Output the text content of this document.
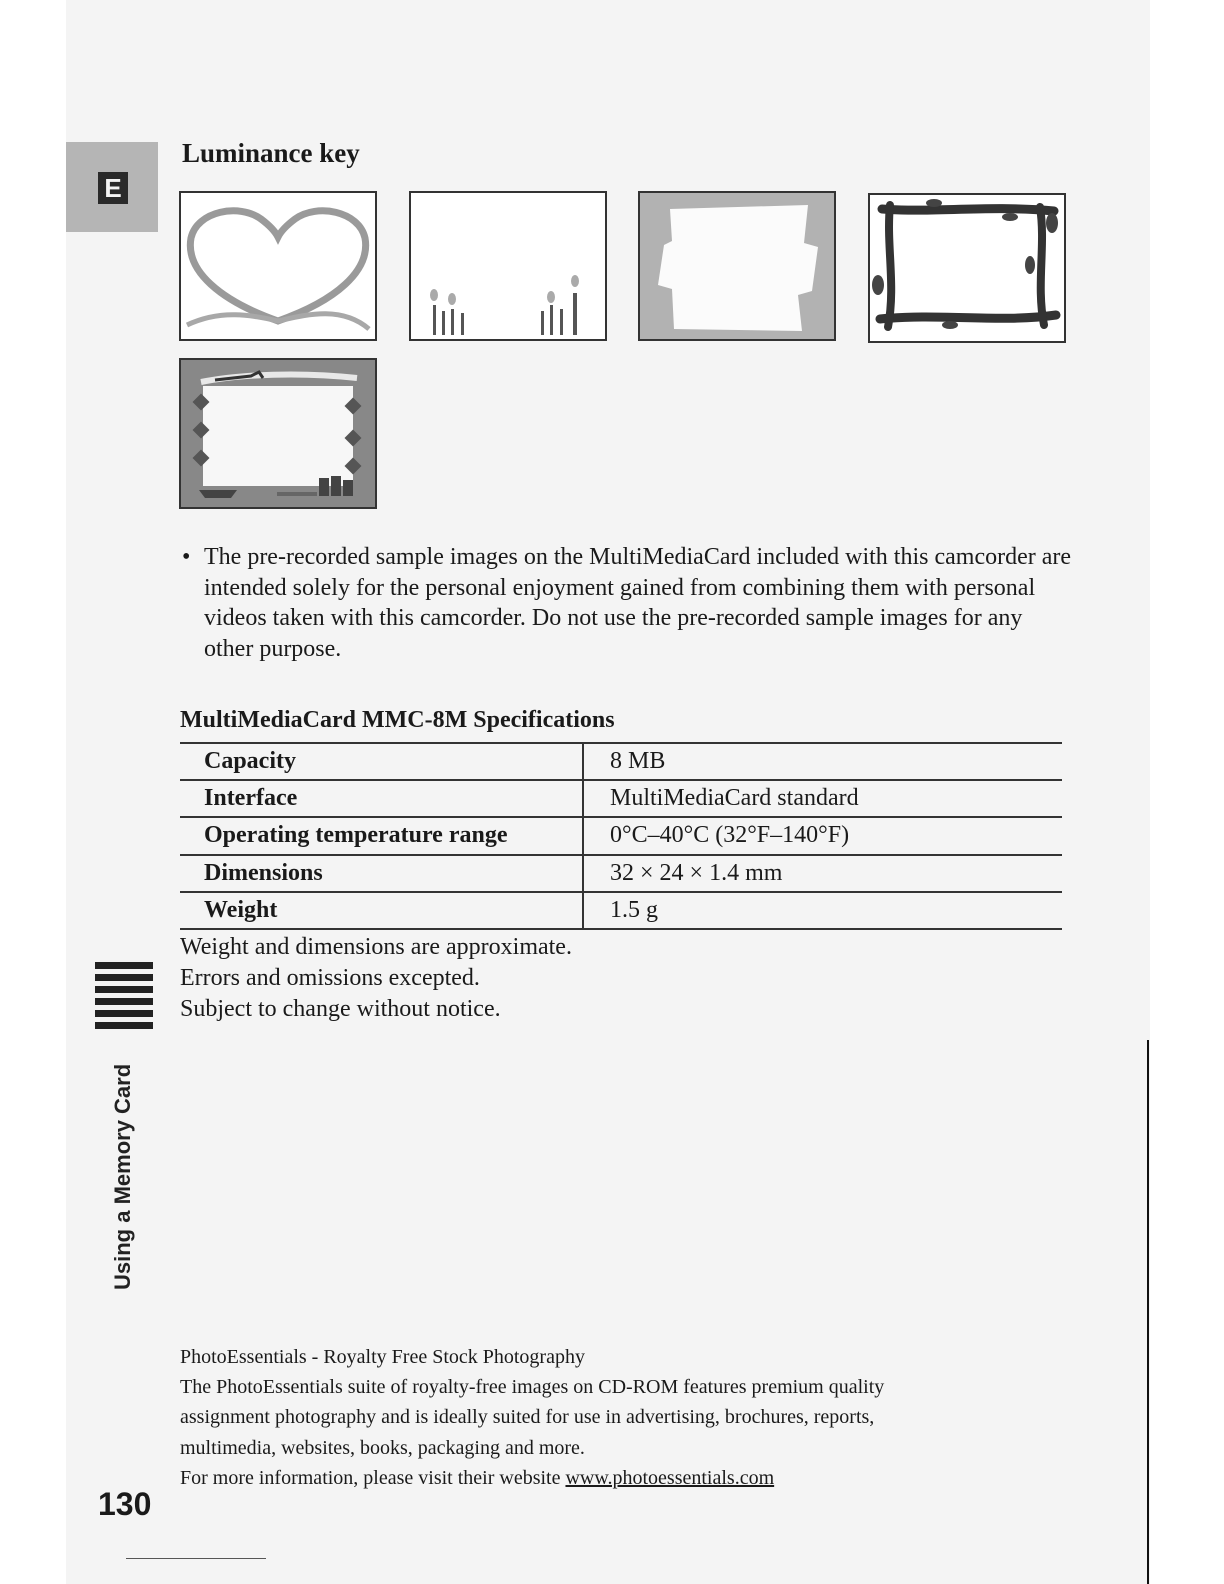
E
Luminance key
• The pre-recorded sample images on the MultiMediaCard included with this camcorder are intended solely for the personal enjoyment gained from combining them with personal videos taken with this camcorder. Do not use the pre-recorded sample images for any other purpose.
MultiMediaCard MMC-8M Specifications
Capacity	8 MB
Interface	MultiMediaCard standard
Operating temperature range	0°C–40°C (32°F–140°F)
Dimensions	32 × 24 × 1.4 mm
Weight	1.5 g
Weight and dimensions are approximate.
Errors and omissions excepted.
Subject to change without notice.
Using a Memory Card
PhotoEssentials - Royalty Free Stock Photography
The PhotoEssentials suite of royalty-free images on CD-ROM features premium quality
assignment photography and is ideally suited for use in advertising, brochures, reports,
multimedia, websites, books, packaging and more.
For more information, please visit their website www.photoessentials.com
130
